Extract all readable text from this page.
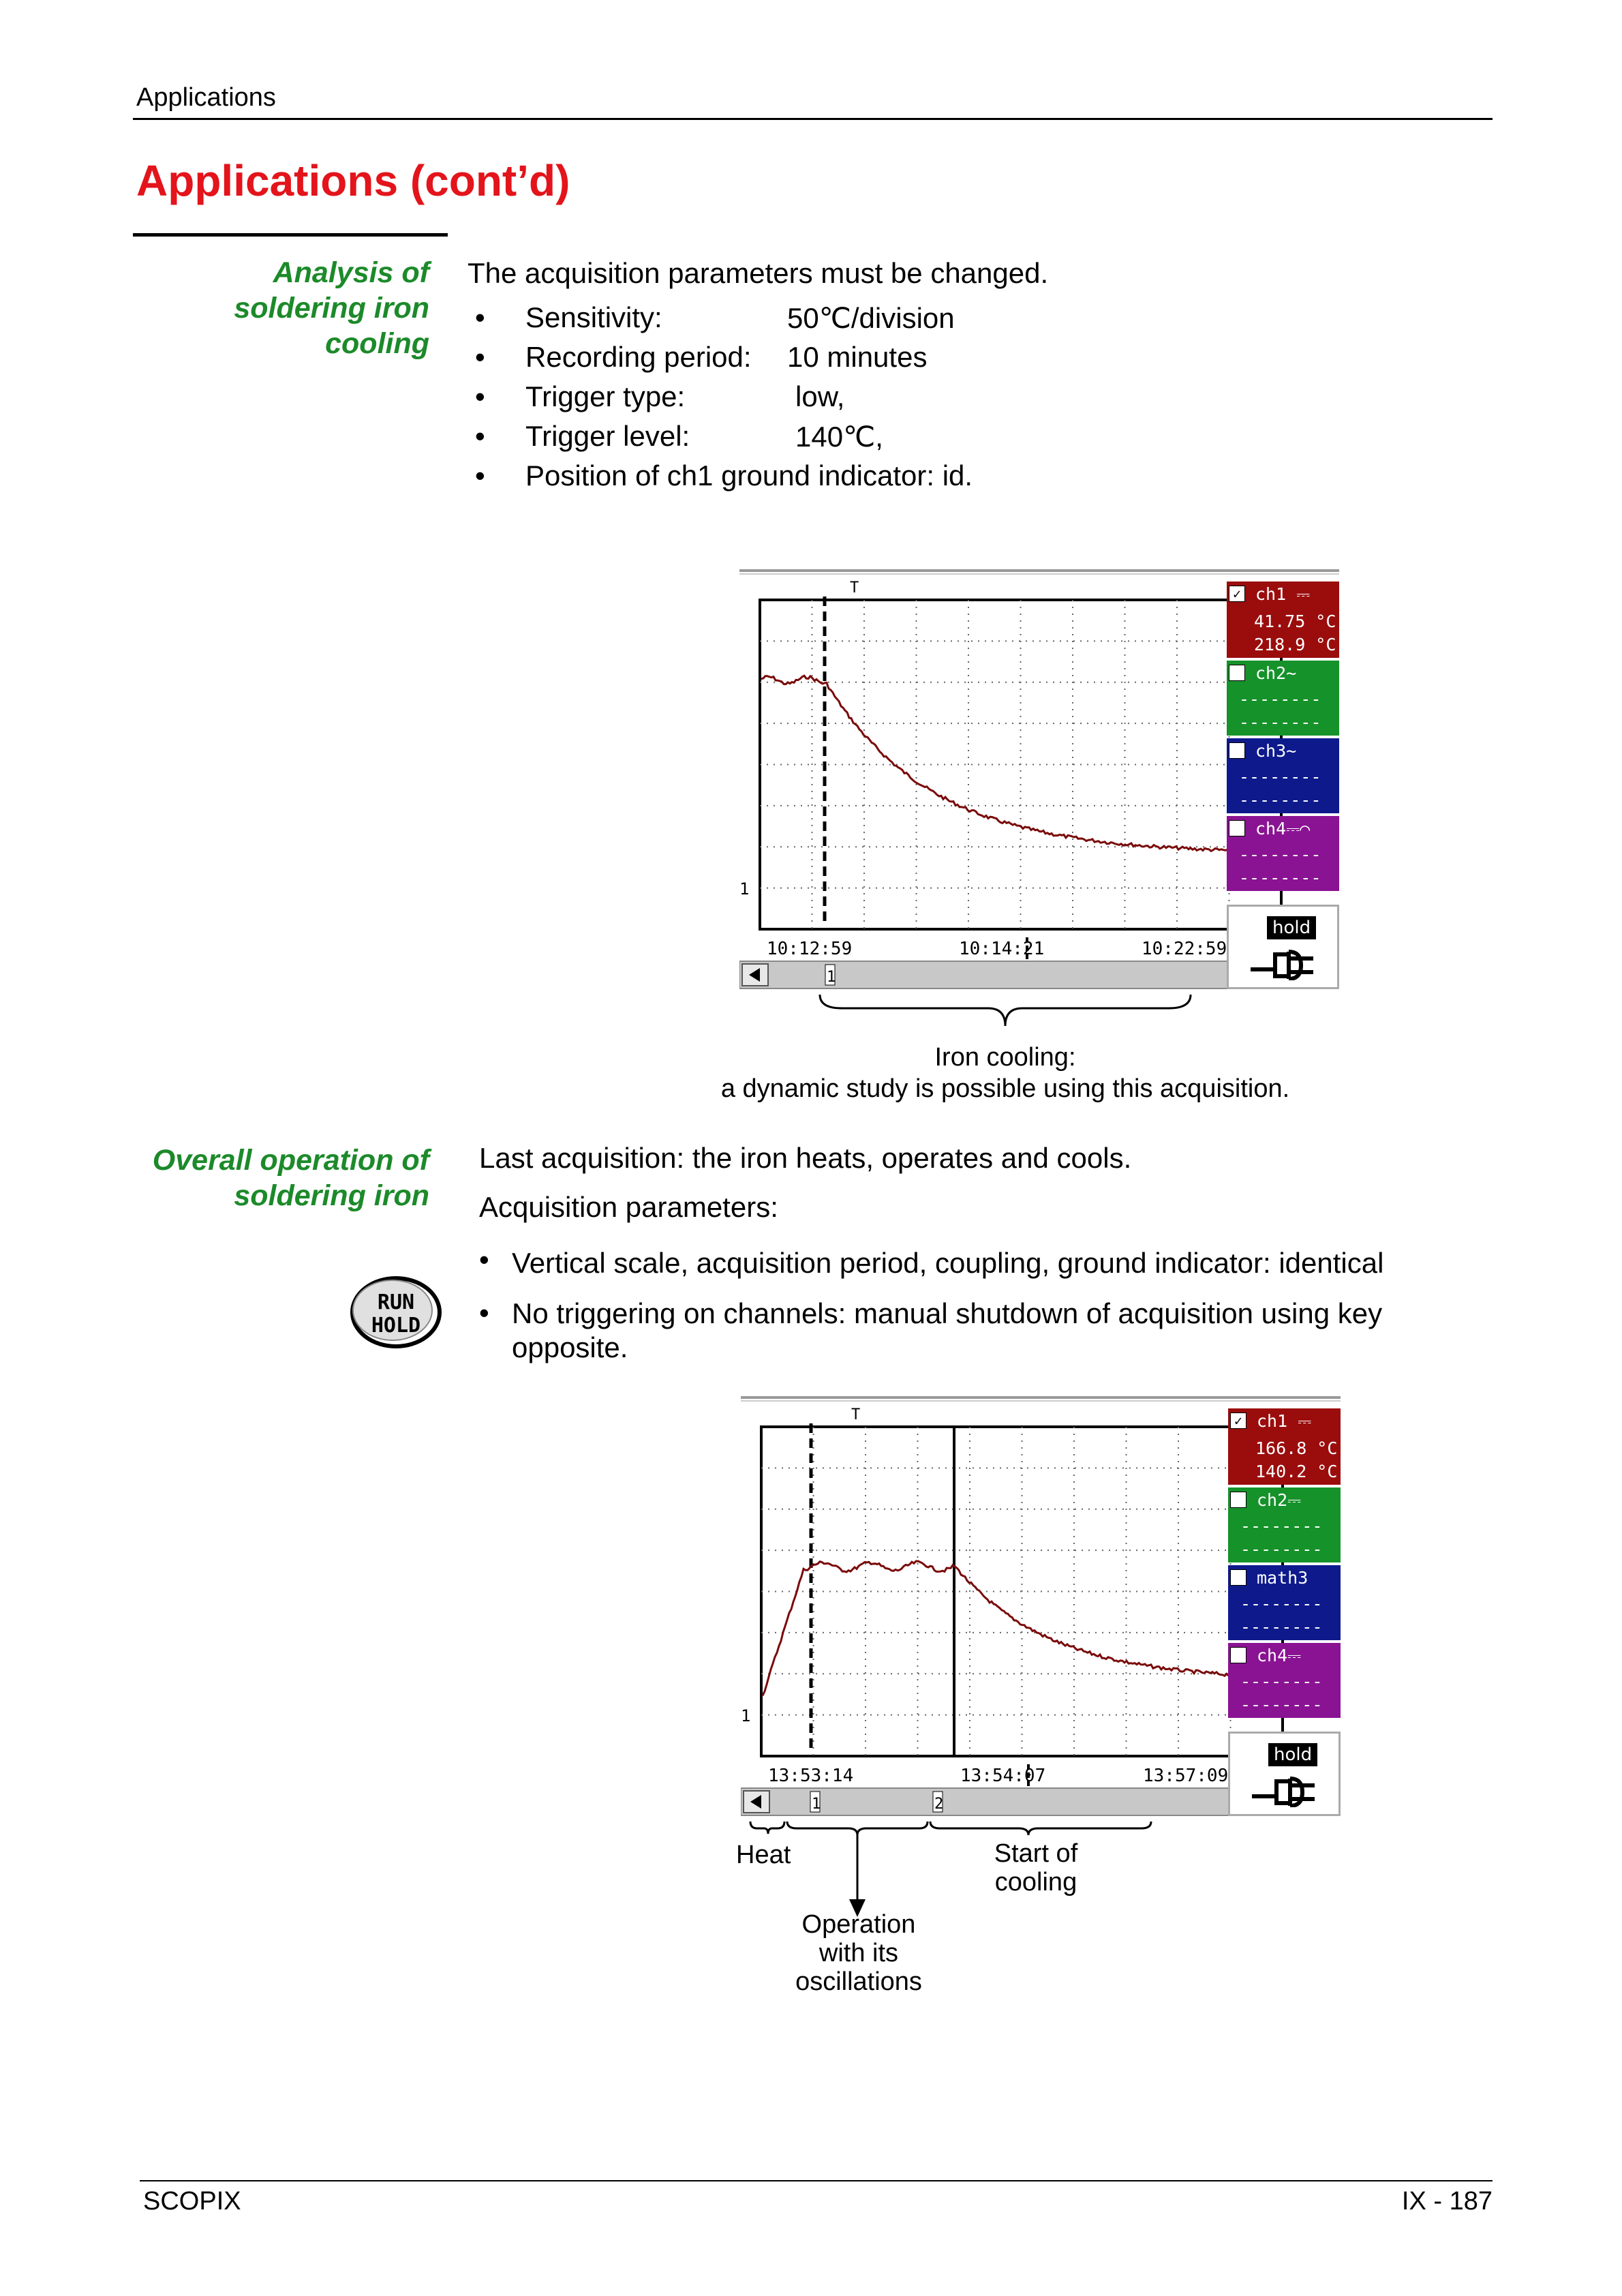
Applications
Applications (cont’d)
Analysis of
soldering iron
cooling
The acquisition parameters must be changed.
• Sensitivity:	50℃/division
• Recording period: 10 minutes
• Trigger type:	low,
• Trigger level:	140℃,
• Position of ch1 ground indicator: id.
T
1
10:12:59	10:14:21	10:22:59
1
✓ ch1 ⎓
41.75 °C
218.9 °C
ch2~
--------
--------
ch3~
--------
--------
ch4⎓⌒
--------
--------
hold
Iron cooling:
a dynamic study is possible using this acquisition.
Overall operation of
soldering iron
RUN
HOLD
Last acquisition: the iron heats, operates and cools.
Acquisition parameters:
• Vertical scale, acquisition period, coupling, ground indicator: identical
• No triggering on channels: manual shutdown of acquisition using key
opposite.
T
1
13:53:14	13:54:07	13:57:09
1	2
✓ ch1 ⎓
166.8 °C
140.2 °C
ch2⎓
--------
--------
math3
--------
--------
ch4⎓
--------
--------
hold
Heat	Start of
cooling
Operation
with its
oscillations
SCOPIX	IX - 187
